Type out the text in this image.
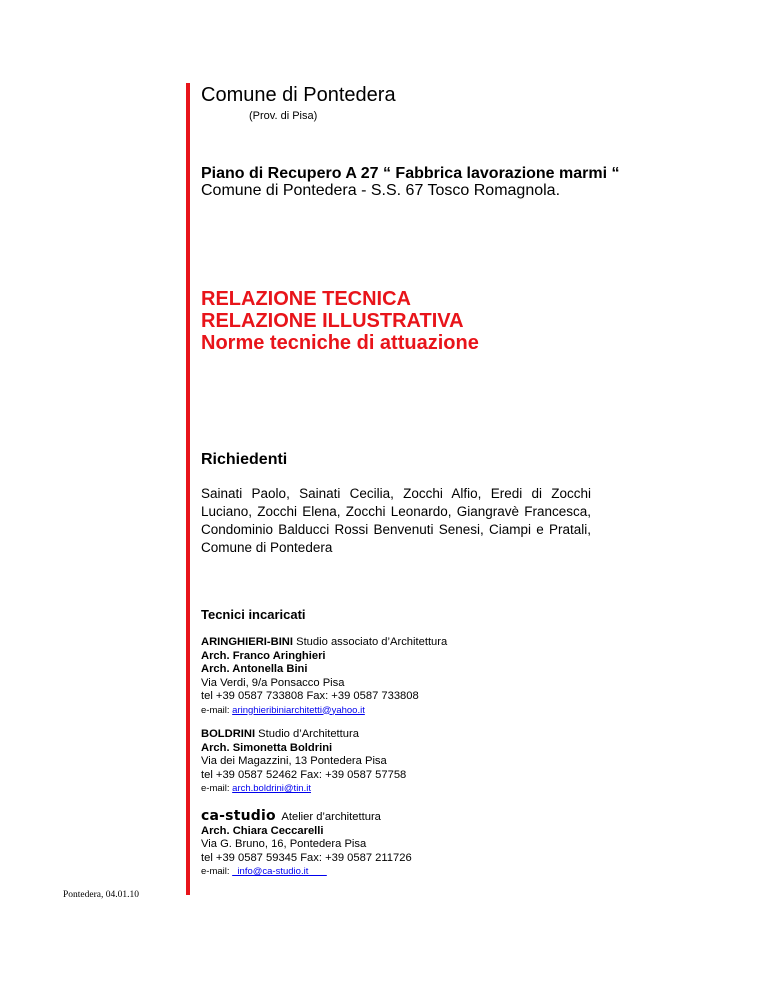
Comune di Pontedera
(Prov. di Pisa)
Piano di Recupero A 27 “ Fabbrica lavorazione marmi “
Comune di Pontedera - S.S. 67 Tosco Romagnola.
RELAZIONE TECNICA
RELAZIONE ILLUSTRATIVA
Norme tecniche di attuazione
Richiedenti
Sainati Paolo, Sainati Cecilia, Zocchi Alfio, Eredi di Zocchi Luciano, Zocchi Elena, Zocchi Leonardo, Giangravè Francesca, Condominio Balducci Rossi Benvenuti Senesi, Ciampi e Pratali, Comune di Pontedera
Tecnici incaricati
ARINGHIERI-BINI Studio associato d’Architettura
Arch. Franco Aringhieri
Arch. Antonella Bini
Via Verdi, 9/a Ponsacco Pisa
tel +39 0587 733808 Fax: +39 0587 733808
e-mail: aringhieribiniarchitetti@yahoo.it
BOLDRINI Studio d’Architettura
Arch. Simonetta Boldrini
Via dei Magazzini, 13 Pontedera Pisa
tel +39 0587 52462 Fax: +39 0587 57758
e-mail: arch.boldrini@tin.it
ca-studio  Atelier d’architettura
Arch. Chiara Ceccarelli
Via G. Bruno, 16, Pontedera Pisa
tel +39 0587 59345 Fax: +39 0587 211726
e-mail:   info@ca-studio.it
Pontedera, 04.01.10
